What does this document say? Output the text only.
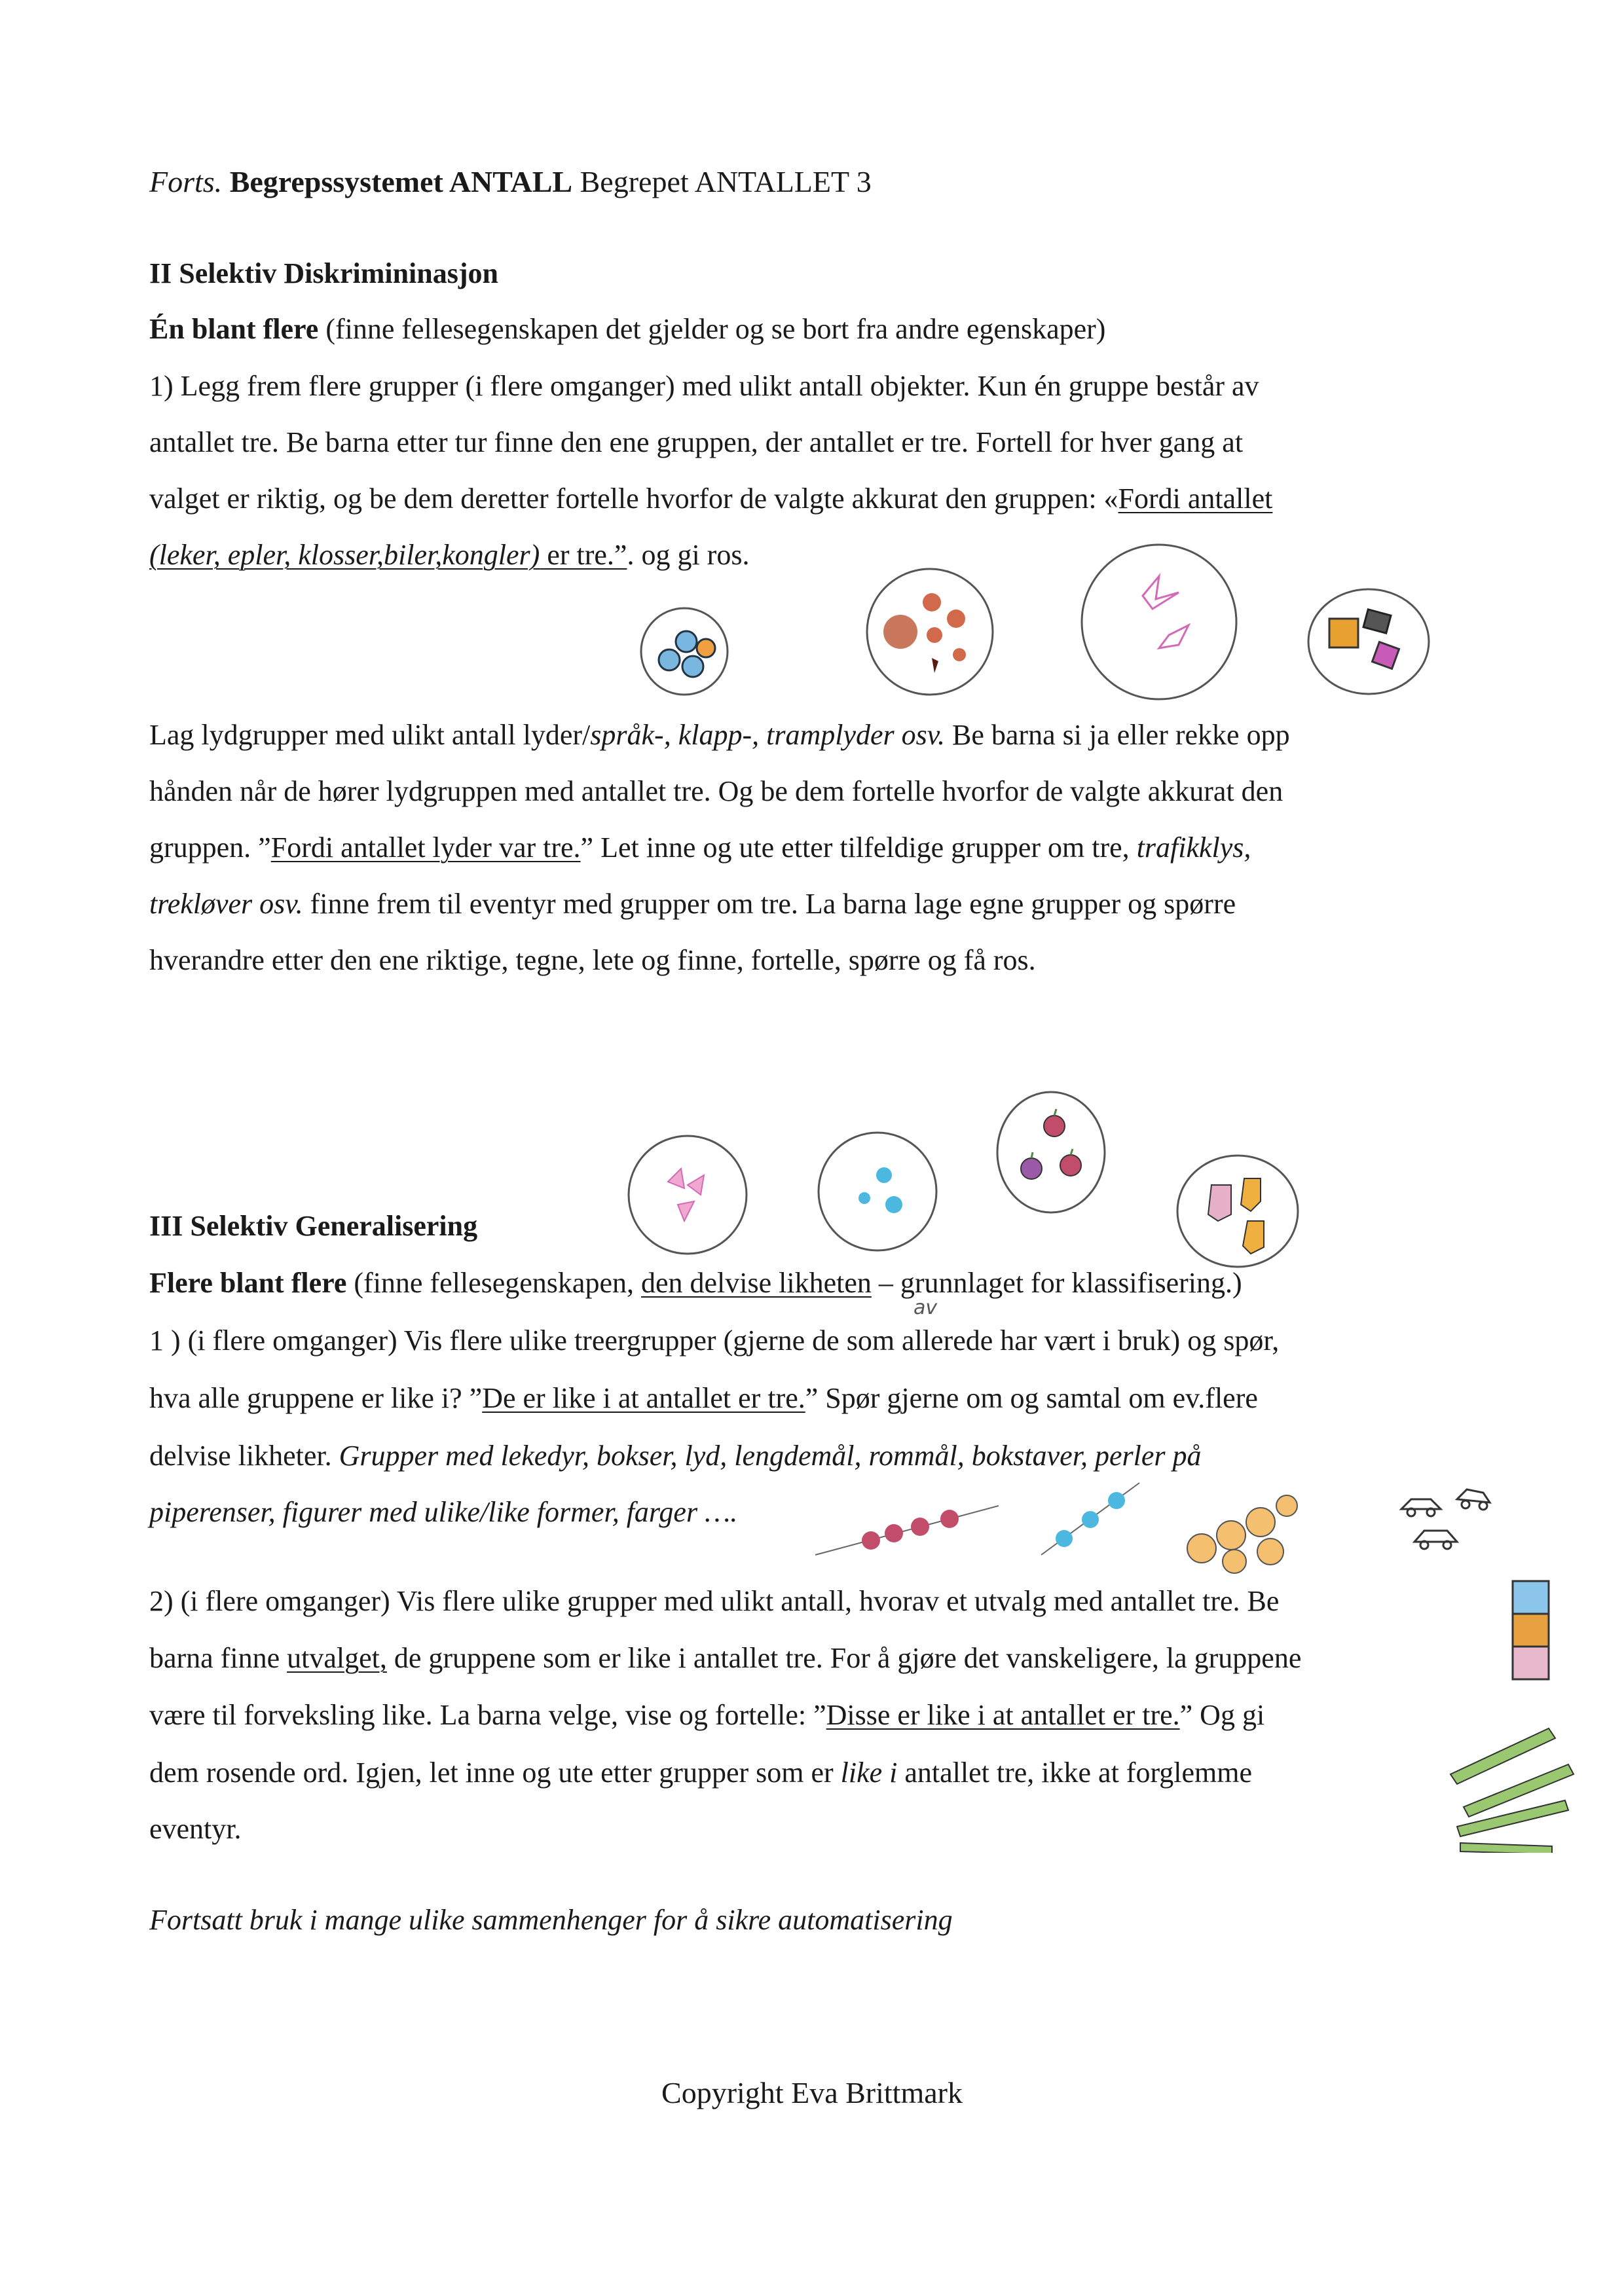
Forts. Begrepssystemet ANTALL Begrepet ANTALLET 3
II Selektiv Diskrimininasjon
Én blant flere (finne fellesegenskapen det gjelder og se bort fra andre egenskaper)
1) Legg frem flere grupper (i flere omganger) med ulikt antall objekter. Kun én gruppe består av
antallet tre. Be barna etter tur finne den ene gruppen, der antallet er tre. Fortell for hver gang at
valget er riktig, og be dem deretter fortelle hvorfor de valgte akkurat den gruppen: «Fordi antallet
(leker, epler, klosser,biler,kongler) er tre.”. og gi ros.
Lag lydgrupper med ulikt antall lyder/språk-, klapp-, tramplyder osv. Be barna si ja eller rekke opp
hånden når de hører lydgruppen med antallet tre. Og be dem fortelle hvorfor de valgte akkurat den
gruppen. ”Fordi antallet lyder var tre.” Let inne og ute etter tilfeldige grupper om tre, trafikklys,
trekløver osv. finne frem til eventyr med grupper om tre. La barna lage egne grupper og spørre
hverandre etter den ene riktige, tegne, lete og finne, fortelle, spørre og få ros.
III Selektiv Generalisering
Flere blant flere (finne fellesegenskapen, den delvise likheten – grunnlaget for klassifisering.)
av
1 ) (i flere omganger) Vis flere ulike treergrupper (gjerne de som allerede har vært i bruk) og spør,
hva alle gruppene er like i? ”De er like i at antallet er tre.” Spør gjerne om og samtal om ev.flere
delvise likheter. Grupper med lekedyr, bokser, lyd, lengdemål, rommål, bokstaver, perler på
piperenser, figurer med ulike/like former, farger ….
2) (i flere omganger) Vis flere ulike grupper med ulikt antall, hvorav et utvalg med antallet tre. Be
barna finne utvalget, de gruppene som er like i antallet tre. For å gjøre det vanskeligere, la gruppene
være til forveksling like. La barna velge, vise og fortelle: ”Disse er like i at antallet er tre.” Og gi
dem rosende ord. Igjen, let inne og ute etter grupper som er like i antallet tre, ikke at forglemme
eventyr.
Fortsatt bruk i mange ulike sammenhenger for å sikre automatisering
Copyright Eva Brittmark
